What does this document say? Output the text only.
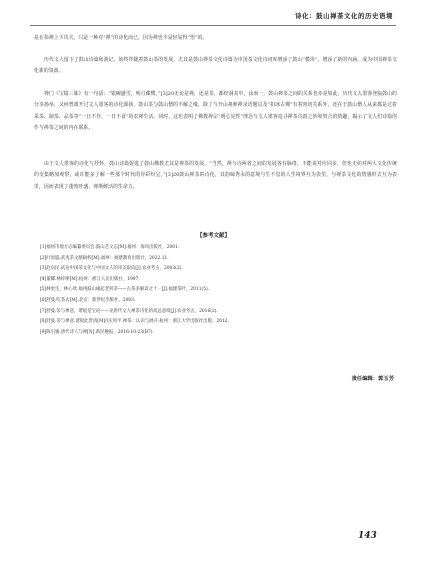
诗化：鼓山禅茶文化的历史语境

是在参禅上下功夫，只是一种对“禅”的诗化而已，因为禅也不是轻易得“悟”的。

历代文人留下了鼓山诗篇和游记，始终伴随着鼓山茶的发展，尤其是鼓山禅茶文化诗篇为中国茶文化诗词库增添了鼓山“模块”，增添了新的内涵，成为中国禅茶文化新的资源。

禅门《宝镜三昧》有一句话：“银碗盛雪，明月藏鹭。”[3]20无论是禅，还是茶，都经洞其中，涂而一，鼓山禅茶之间的关系也亦是如此。历代文人墨客登临鼓山的分享扬举，又何曾离开过文人墨客的诗化颂扬，鼓山茶与鼓山僧的不解之缘，除了与开山祖师禅录语题以及“扣冰古佛”有着密切关系外，还在于鼓山僧人从来都是过着采茶、制茶、品茶等“一日不作，一日不食”的农禅生活。同时，这也表明了佛教禅宗“明心见性”理念与文人墨客追寻禅茶诗韵之妙境契合的情趣，揭示了文人们诗篇创作与禅茶之间的内在联系。

由于文人墨客的诗化与抒怀，鼓山诗篇促进了鼓山佛教尤其是禅茶的发展。“当然，禅与诗两者之间的发展各有脉络，不能说对应同步，但也无妨对两大文化传统的交集略加观察，或许能多了解一些那个时代的异彩纷呈。”[3]20鼓山禅茶的诗化，其韵味秀永的意境与生不息的人生境界互为表里，与禅茶文化的情感形式互为表里，因而表现了蓬勃旺盛、弹斯鲜活的生命力。

【参考文献】
[1]福州市地方志编纂委员会.鼓山艺文志[M].福州：海风出版社，2001.
[2]叶国盛.武夷茶文献辑校[M].福州：福建教育出版社，2022.11.
[3]赵向民.试论中国茶文化与中国文人的审美取向[J].农业考古，2003(2).
[4]董卿.林梓律[M].杭州：浙江人民出版社，1997.
[5]林更生，林心欣.福州鼓山缘起老何茶——古茶多解读之十一[J].福建茶叶，2011(5).
[6]舒曼.吃茶去[M].北京：新世纪出版社，2003.
[7]舒曼.茶与禅意，诸般是宝论——论唐代文人禅茶诗化的高远意境[J].农业考古，2016(2).
[8]舒曼.茶与禅意.诸般此皆清[M]//庆到平.禅茶：认识与展开.杭州：浙江大学出版社出版，2012.
[9]陈引驰.唐代诗人与禅[N].新民晚报，2016-10-23(B7).
责任编辑：郭玉芳
143
